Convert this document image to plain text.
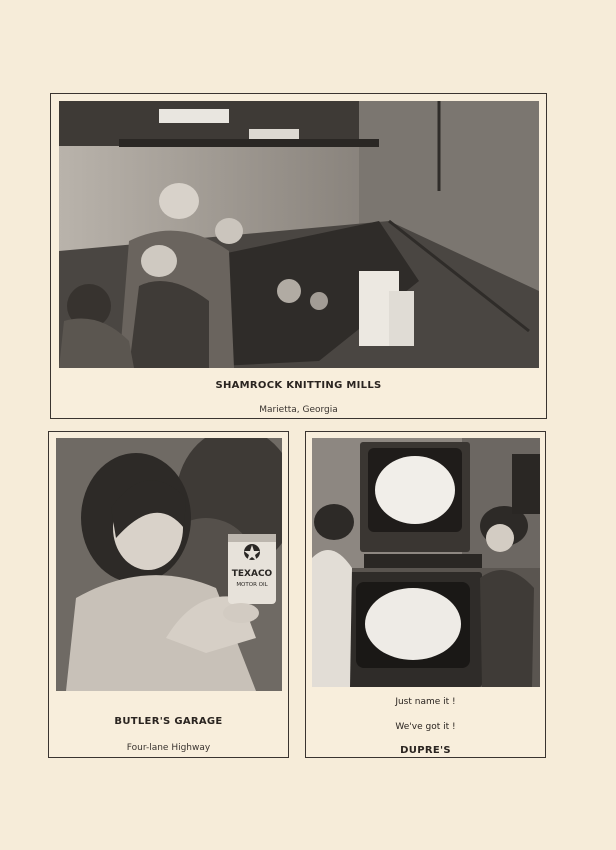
SHAMROCK KNITTING MILLS
Marietta, Georgia
TEXACO
MOTOR OIL
BUTLER'S GARAGE
Four-lane Highway
Just name it !
We've got it !
DUPRE'S
